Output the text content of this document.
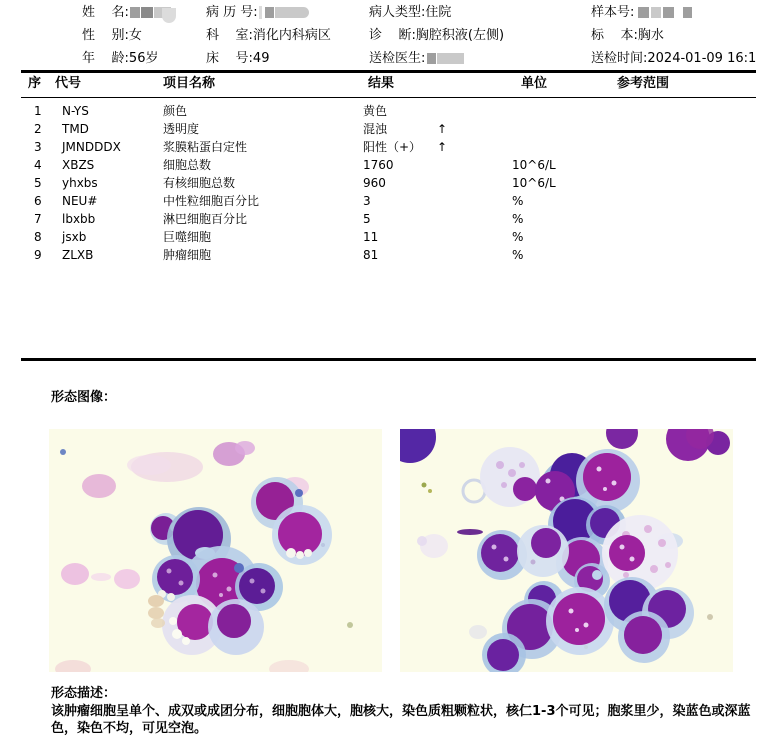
姓    名:	病 历 号:	病人类型: 住院	样本号:
性    别: 女	科    室: 消化内科病区	诊    断: 胸腔积液(左侧)	标    本: 胸水
年    龄: 56岁	床    号: 49	送检医生:	送检时间: 2024-01-09 16:1
序 代号	项目名称	结果	单位	参考范围
1 N-YS	颜色	黄色
2 TMD	透明度	混浊	↑
3 JMNDDDX	浆膜粘蛋白定性	阳性（+） ↑
4 XBZS	细胞总数	1760	10^6/L
5 yhxbs	有核细胞总数	960	10^6/L
6 NEU#	中性粒细胞百分比	3	%
7 lbxbb	淋巴细胞百分比	5	%
8 jsxb	巨噬细胞	11	%
9 ZLXB	肿瘤细胞	81	%
形态图像：
形态描述：
该肿瘤细胞呈单个、成双或成团分布，细胞胞体大，胞核大，染色质粗颗粒状，核仁1-3个可见；胞浆里少，染蓝色或深蓝色，染色不均，可见空泡。
